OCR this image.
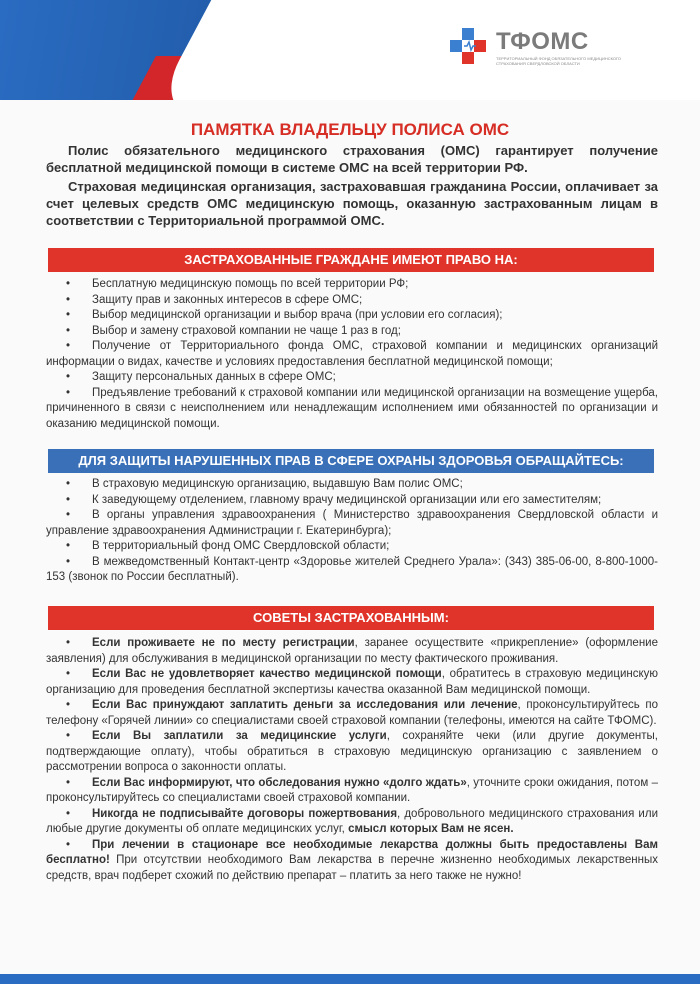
ТФОМС
ТЕРРИТОРИАЛЬНЫЙ ФОНД ОБЯЗАТЕЛЬНОГО МЕДИЦИНСКОГО СТРАХОВАНИЯ СВЕРДЛОВСКОЙ ОБЛАСТИ
ПАМЯТКА ВЛАДЕЛЬЦУ ПОЛИСА ОМС

Полис обязательного медицинского страхования (ОМС) гарантирует получение бесплатной медицинской помощи в системе ОМС на всей территории РФ.

Страховая медицинская организация, застраховавшая гражданина России, оплачивает за счет целевых средств ОМС медицинскую помощь, оказанную застрахованным лицам в соответствии с Территориальной программой ОМС.

ЗАСТРАХОВАННЫЕ ГРАЖДАНЕ ИМЕЮТ ПРАВО НА:
• Бесплатную медицинскую помощь по всей территории РФ;
• Защиту прав и законных интересов в сфере ОМС;
• Выбор медицинской организации и выбор врача (при условии его согласия);
• Выбор и замену страховой компании не чаще 1 раз в год;
• Получение от Территориального фонда ОМС, страховой компании и медицинских организаций информации о видах, качестве и условиях предоставления бесплатной медицинской помощи;
• Защиту персональных данных в сфере ОМС;
• Предъявление требований к страховой компании или медицинской организации на возмещение ущерба, причиненного в связи с неисполнением или ненадлежащим исполнением ими обязанностей по организации и оказанию медицинской помощи.
ДЛЯ ЗАЩИТЫ НАРУШЕННЫХ ПРАВ В СФЕРЕ ОХРАНЫ ЗДОРОВЬЯ ОБРАЩАЙТЕСЬ:
• В страховую медицинскую организацию, выдавшую Вам полис ОМС;
• К заведующему отделением, главному врачу медицинской организации или его заместителям;
• В органы управления здравоохранения ( Министерство здравоохранения Свердловской области и управление здравоохранения Администрации г. Екатеринбурга);
• В территориальный фонд ОМС Свердловской области;
• В межведомственный Контакт-центр «Здоровье жителей Среднего Урала»: (343) 385-06-00, 8-800-1000-153 (звонок по России бесплатный).
СОВЕТЫ ЗАСТРАХОВАННЫМ:
• Если проживаете не по месту регистрации, заранее осуществите «прикрепление» (оформление заявления) для обслуживания в медицинской организации по месту фактического проживания.
• Если Вас не удовлетворяет качество медицинской помощи, обратитесь в страховую медицинскую организацию для проведения бесплатной экспертизы качества оказанной Вам медицинской помощи.
• Если Вас принуждают заплатить деньги за исследования или лечение, проконсультируйтесь по телефону «Горячей линии» со специалистами своей страховой компании (телефоны, имеются на сайте ТФОМС).
• Если Вы заплатили за медицинские услуги, сохраняйте чеки (или другие документы, подтверждающие оплату), чтобы обратиться в страховую медицинскую организацию с заявлением о рассмотрении вопроса о законности оплаты.
• Если Вас информируют, что обследования нужно «долго ждать», уточните сроки ожидания, потом – проконсультируйтесь со специалистами своей страховой компании.
• Никогда не подписывайте договоры пожертвования, добровольного медицинского страхования или любые другие документы об оплате медицинских услуг, смысл которых Вам не ясен.
• При лечении в стационаре все необходимые лекарства должны быть предоставлены Вам бесплатно! При отсутствии необходимого Вам лекарства в перечне жизненно необходимых лекарственных средств, врач подберет схожий по действию препарат – платить за него также не нужно!
